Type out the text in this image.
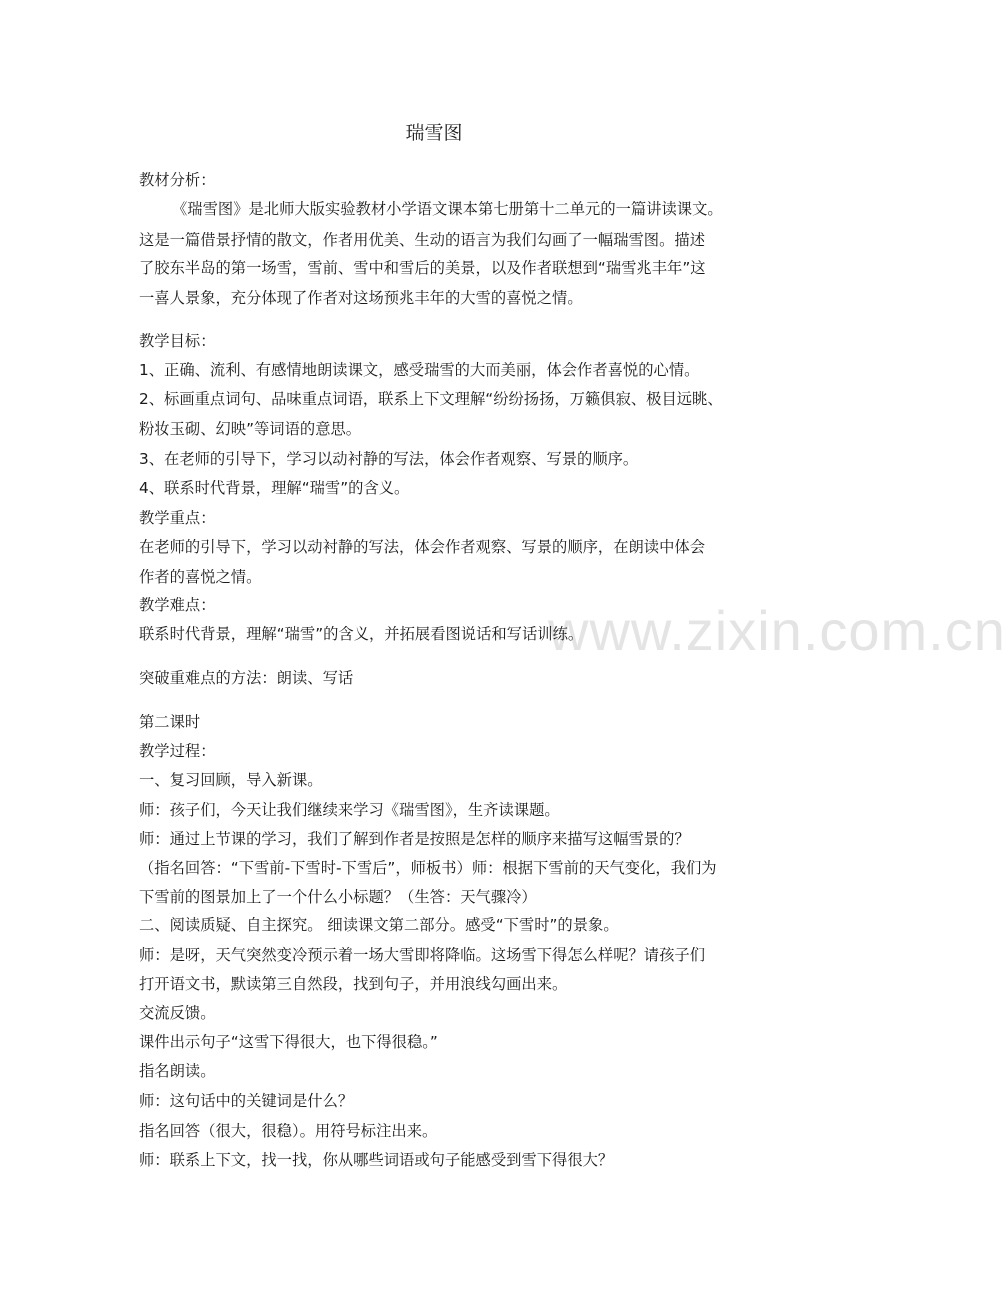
www.zixin.com.cn
瑞雪图

教材分析：

《瑞雪图》是北师大版实验教材小学语文课本第七册第十二单元的一篇讲读课文。

这是一篇借景抒情的散文，作者用优美、生动的语言为我们勾画了一幅瑞雪图。描述

了胶东半岛的第一场雪，雪前、雪中和雪后的美景，以及作者联想到“瑞雪兆丰年”这

一喜人景象，充分体现了作者对这场预兆丰年的大雪的喜悦之情。

教学目标：

1、正确、流利、有感情地朗读课文，感受瑞雪的大而美丽，体会作者喜悦的心情。

2、标画重点词句、品味重点词语，联系上下文理解“纷纷扬扬，万籁俱寂、极目远眺、

粉妆玉砌、幻映”等词语的意思。

3、在老师的引导下，学习以动衬静的写法，体会作者观察、写景的顺序。

4、联系时代背景，理解“瑞雪”的含义。

教学重点：

在老师的引导下，学习以动衬静的写法，体会作者观察、写景的顺序，在朗读中体会

作者的喜悦之情。

教学难点：

联系时代背景，理解“瑞雪”的含义，并拓展看图说话和写话训练。

突破重难点的方法：朗读、写话

第二课时

教学过程：

一、复习回顾，导入新课。

师：孩子们，今天让我们继续来学习《瑞雪图》，生齐读课题。

师：通过上节课的学习，我们了解到作者是按照是怎样的顺序来描写这幅雪景的？

（指名回答：“下雪前-下雪时-下雪后”，师板书）师：根据下雪前的天气变化，我们为

下雪前的图景加上了一个什么小标题？（生答：天气骤冷）

二、阅读质疑、自主探究。 细读课文第二部分。感受“下雪时”的景象。

师：是呀，天气突然变冷预示着一场大雪即将降临。这场雪下得怎么样呢？请孩子们

打开语文书，默读第三自然段，找到句子，并用浪线勾画出来。

交流反馈。

课件出示句子“这雪下得很大，也下得很稳。”

指名朗读。

师：这句话中的关键词是什么？

指名回答（很大，很稳）。用符号标注出来。

师：联系上下文，找一找，你从哪些词语或句子能感受到雪下得很大？
